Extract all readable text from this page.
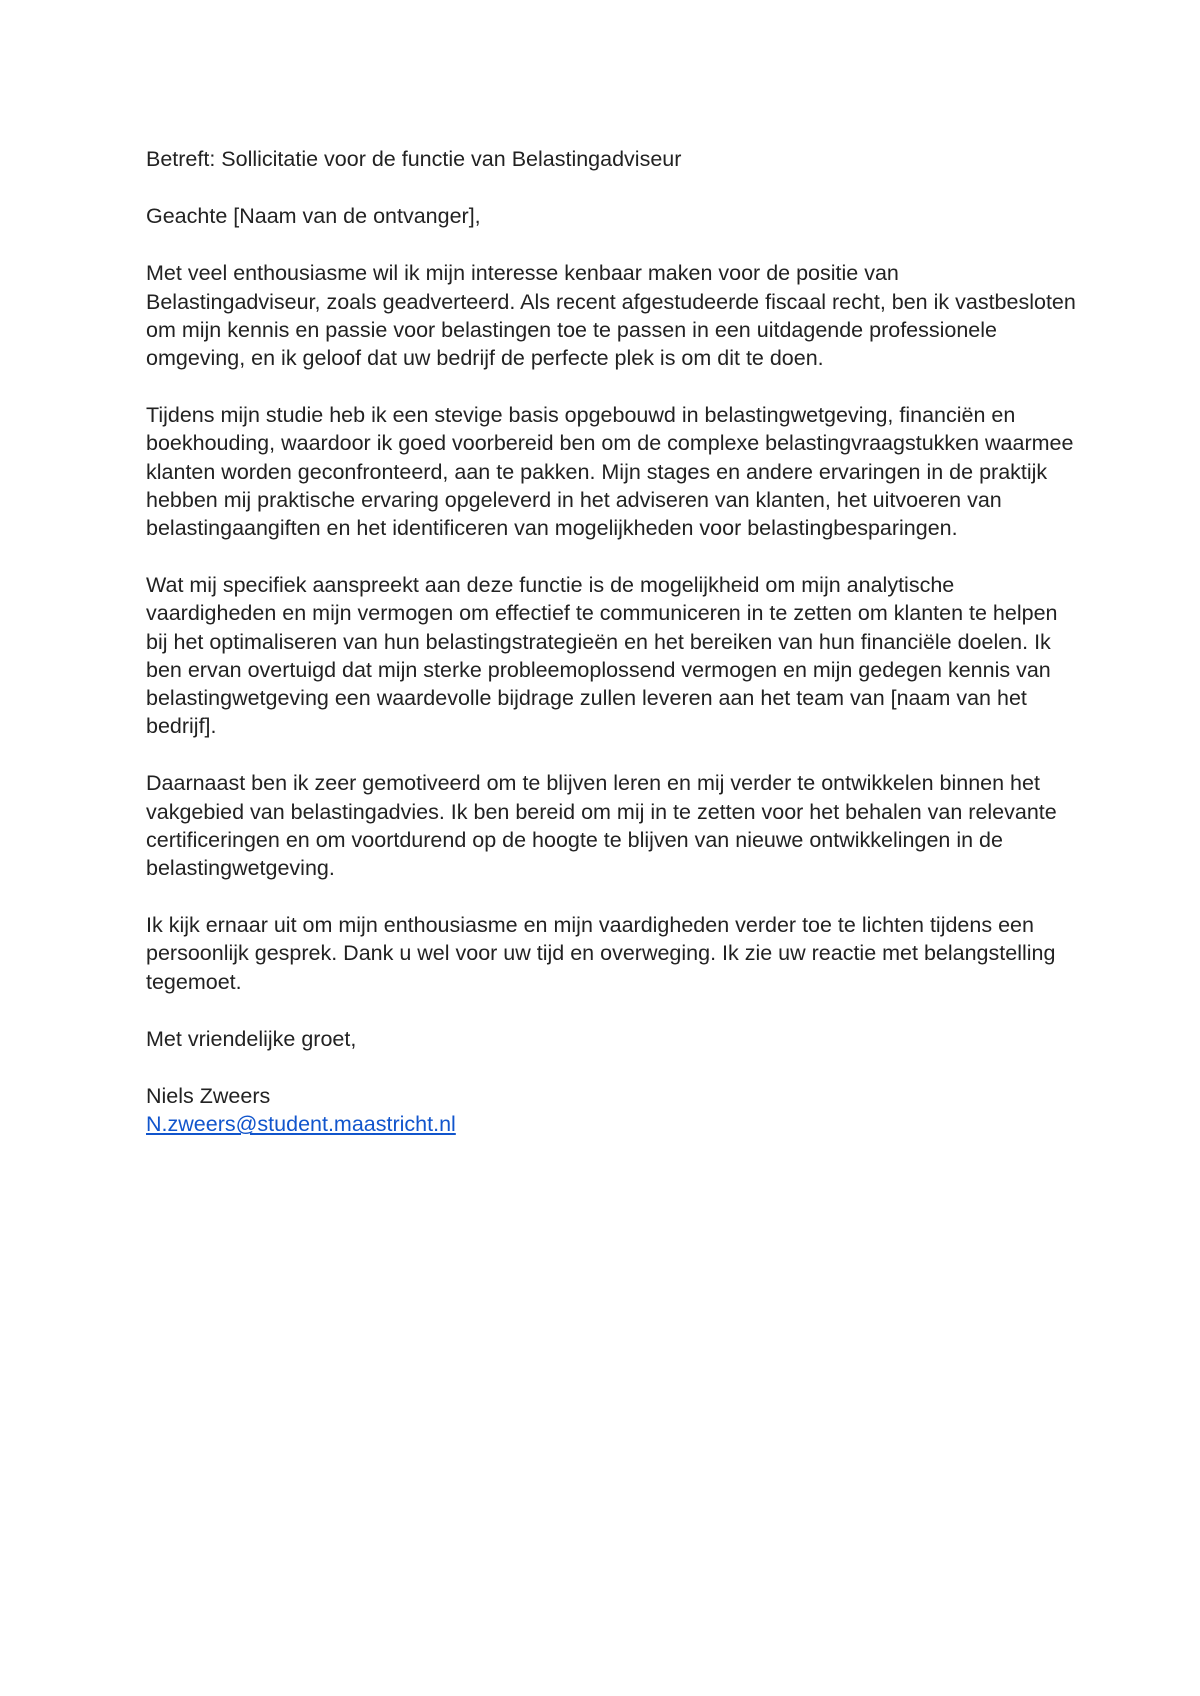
Betreft: Sollicitatie voor de functie van Belastingadviseur

Geachte [Naam van de ontvanger],

Met veel enthousiasme wil ik mijn interesse kenbaar maken voor de positie van Belastingadviseur, zoals geadverteerd. Als recent afgestudeerde fiscaal recht, ben ik vastbesloten om mijn kennis en passie voor belastingen toe te passen in een uitdagende professionele omgeving, en ik geloof dat uw bedrijf de perfecte plek is om dit te doen.

Tijdens mijn studie heb ik een stevige basis opgebouwd in belastingwetgeving, financiën en boekhouding, waardoor ik goed voorbereid ben om de complexe belastingvraagstukken waarmee klanten worden geconfronteerd, aan te pakken. Mijn stages en andere ervaringen in de praktijk hebben mij praktische ervaring opgeleverd in het adviseren van klanten, het uitvoeren van belastingaangiften en het identificeren van mogelijkheden voor belastingbesparingen.

Wat mij specifiek aanspreekt aan deze functie is de mogelijkheid om mijn analytische vaardigheden en mijn vermogen om effectief te communiceren in te zetten om klanten te helpen bij het optimaliseren van hun belastingstrategieën en het bereiken van hun financiële doelen. Ik ben ervan overtuigd dat mijn sterke probleemoplossend vermogen en mijn gedegen kennis van belastingwetgeving een waardevolle bijdrage zullen leveren aan het team van [naam van het bedrijf].

Daarnaast ben ik zeer gemotiveerd om te blijven leren en mij verder te ontwikkelen binnen het vakgebied van belastingadvies. Ik ben bereid om mij in te zetten voor het behalen van relevante certificeringen en om voortdurend op de hoogte te blijven van nieuwe ontwikkelingen in de belastingwetgeving.

Ik kijk ernaar uit om mijn enthousiasme en mijn vaardigheden verder toe te lichten tijdens een persoonlijk gesprek. Dank u wel voor uw tijd en overweging. Ik zie uw reactie met belangstelling tegemoet.

Met vriendelijke groet,

Niels Zweers

N.zweers@student.maastricht.nl
